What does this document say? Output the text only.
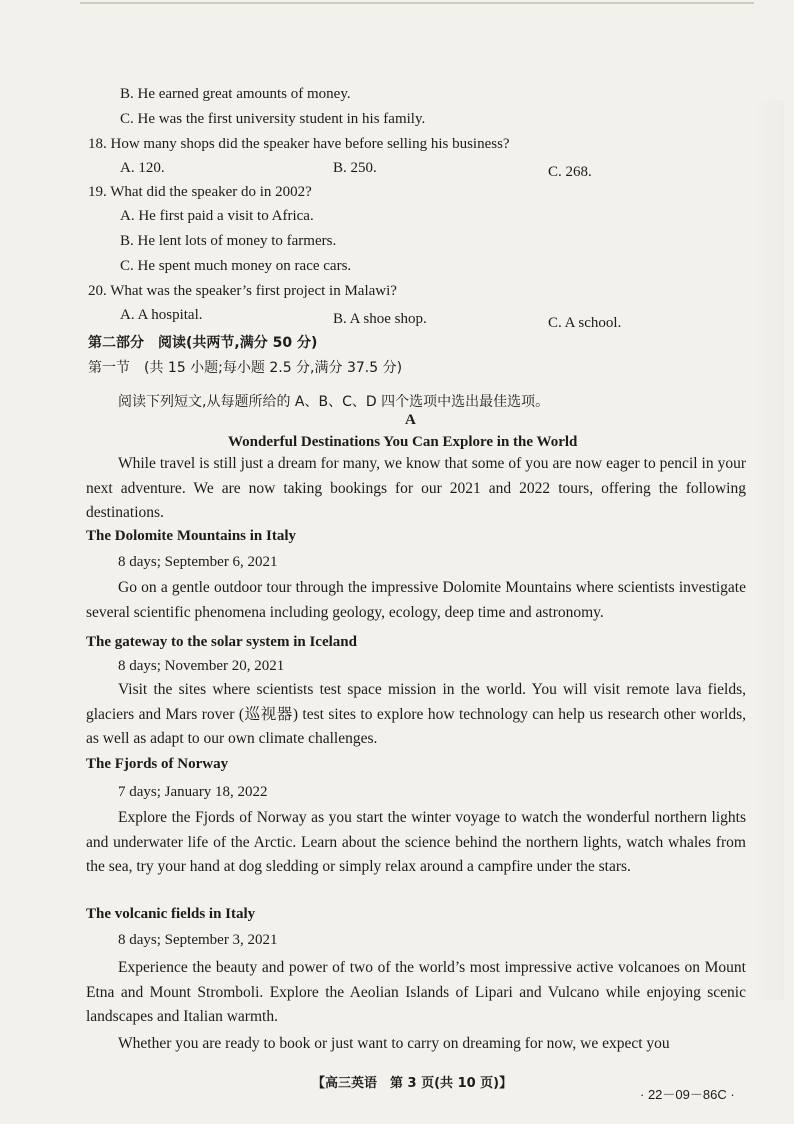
B. He earned great amounts of money.
C. He was the first university student in his family.
18. How many shops did the speaker have before selling his business?
A. 120.	B. 250.	C. 268.
19. What did the speaker do in 2002?
A. He first paid a visit to Africa.
B. He lent lots of money to farmers.
C. He spent much money on race cars.
20. What was the speaker’s first project in Malawi?
A. A hospital.	B. A shoe shop.	C. A school.
第二部分　阅读(共两节,满分 50 分)
第一节　(共 15 小题;每小题 2.5 分,满分 37.5 分)
阅读下列短文,从每题所给的 A、B、C、D 四个选项中选出最佳选项。
A
Wonderful Destinations You Can Explore in the World
While travel is still just a dream for many, we know that some of you are now eager to pencil in your next adventure. We are now taking bookings for our 2021 and 2022 tours, offering the following destinations.
The Dolomite Mountains in Italy
8 days; September 6, 2021
Go on a gentle outdoor tour through the impressive Dolomite Mountains where scientists investigate several scientific phenomena including geology, ecology, deep time and astronomy.
The gateway to the solar system in Iceland
8 days; November 20, 2021
Visit the sites where scientists test space mission in the world. You will visit remote lava fields, glaciers and Mars rover (巡视器) test sites to explore how technology can help us research other worlds, as well as adapt to our own climate challenges.
The Fjords of Norway
7 days; January 18, 2022
Explore the Fjords of Norway as you start the winter voyage to watch the wonderful northern lights and underwater life of the Arctic. Learn about the science behind the northern lights, watch whales from the sea, try your hand at dog sledding or simply relax around a campfire under the stars.
The volcanic fields in Italy
8 days; September 3, 2021
Experience the beauty and power of two of the world’s most impressive active volcanoes on Mount Etna and Mount Stromboli. Explore the Aeolian Islands of Lipari and Vulcano while enjoying scenic landscapes and Italian warmth.
Whether you are ready to book or just want to carry on dreaming for now, we expect you
【高三英语　第 3 页(共 10 页)】
· 22－09－86C ·
